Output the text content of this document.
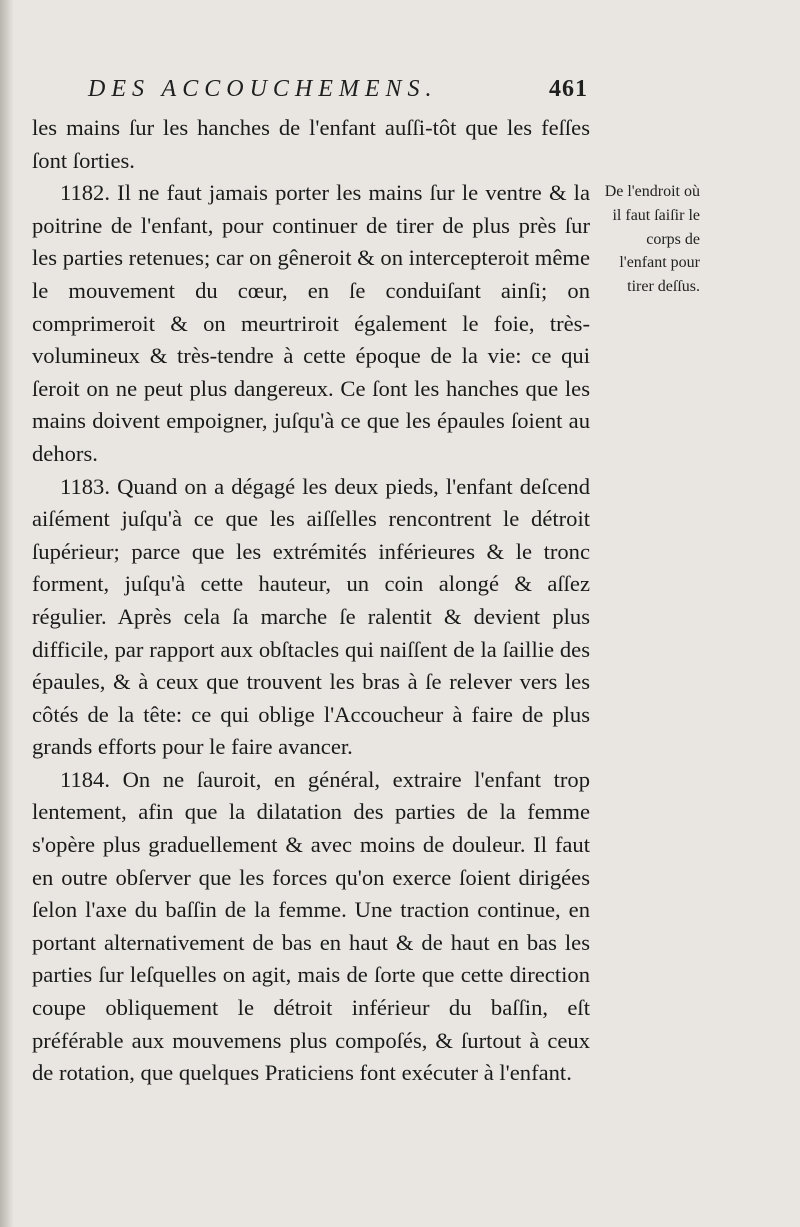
DES ACCOUCHEMENS.	461

les mains ſur les hanches de l'enfant auſſi-tôt que les feſſes ſont ſorties.

1182. Il ne faut jamais porter les mains ſur le ventre & la poitrine de l'enfant, pour continuer de tirer de plus près ſur les parties retenues; car on gêneroit & on intercepteroit même le mouvement du cœur, en ſe conduiſant ainſi; on comprimeroit & on meurtriroit également le foie, très-volumineux & très-tendre à cette époque de la vie: ce qui ſeroit on ne peut plus dangereux. Ce ſont les hanches que les mains doivent empoigner, juſqu'à ce que les épaules ſoient au dehors.

1183. Quand on a dégagé les deux pieds, l'enfant deſcend aiſément juſqu'à ce que les aiſſelles rencontrent le détroit ſupérieur; parce que les extrémités inférieures & le tronc forment, juſqu'à cette hauteur, un coin alongé & aſſez régulier. Après cela ſa marche ſe ralentit & devient plus difficile, par rapport aux obſtacles qui naiſſent de la ſaillie des épaules, & à ceux que trouvent les bras à ſe relever vers les côtés de la tête: ce qui oblige l'Accoucheur à faire de plus grands efforts pour le faire avancer.

1184. On ne ſauroit, en général, extraire l'enfant trop lentement, afin que la dilatation des parties de la femme s'opère plus graduellement & avec moins de douleur. Il faut en outre obſerver que les forces qu'on exerce ſoient dirigées ſelon l'axe du baſſin de la femme. Une traction continue, en portant alternativement de bas en haut & de haut en bas les parties ſur leſquelles on agit, mais de ſorte que cette direction coupe obliquement le détroit inférieur du baſſin, eſt préférable aux mouvemens plus compoſés, & ſurtout à ceux de rotation, que quelques Praticiens font exécuter à l'enfant.

De l'endroit où il faut ſaiſir le corps de l'enfant pour tirer deſſus.
